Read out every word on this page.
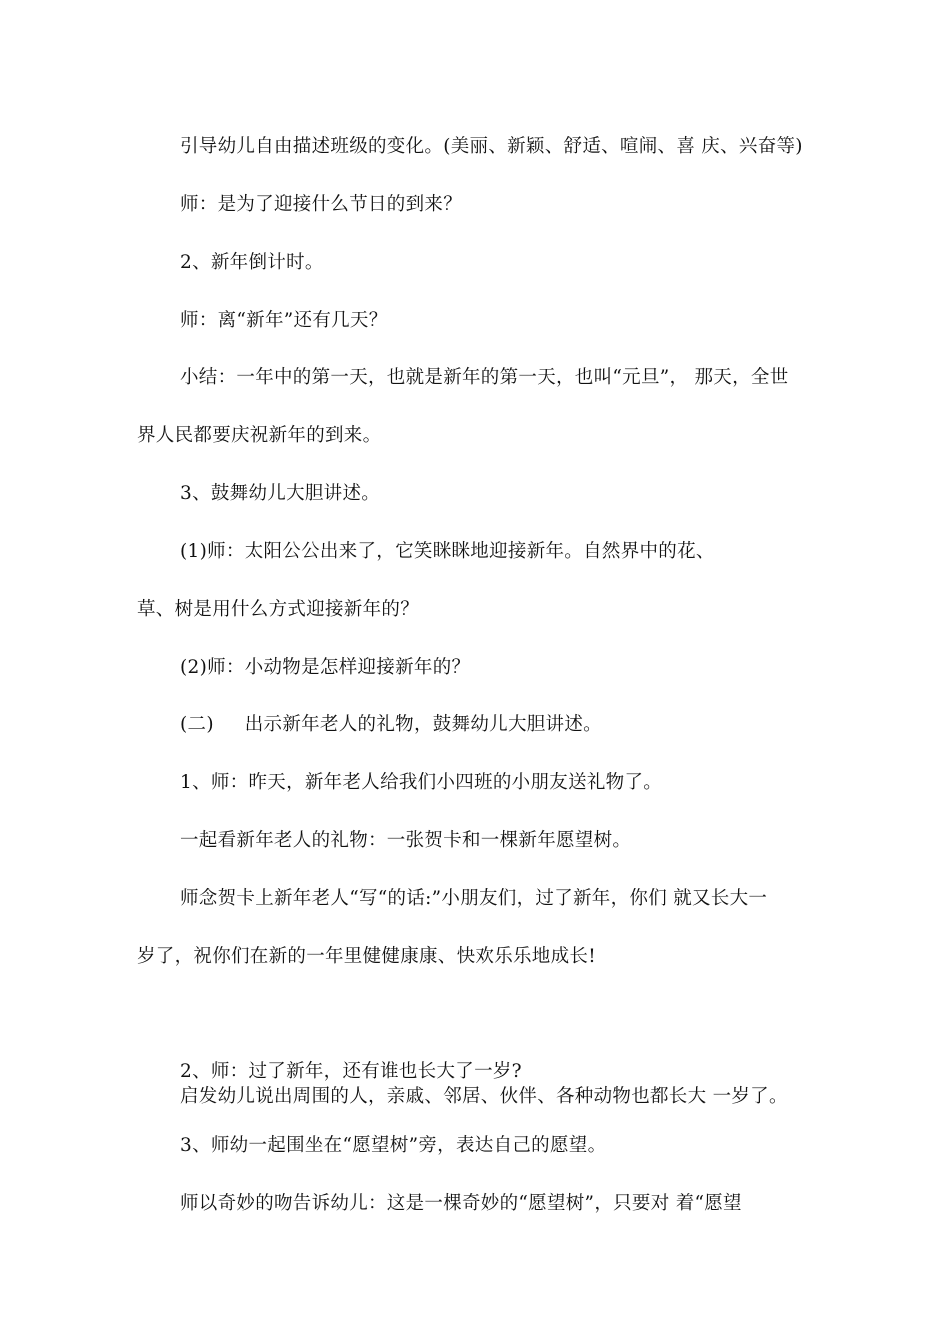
引导幼儿自由描述班级的变化。(美丽、新颖、舒适、喧闹、喜 庆、兴奋等)
师：是为了迎接什么节日的到来？
2、新年倒计时。
师：离“新年”还有几天？
小结：一年中的第一天，也就是新年的第一天，也叫“元旦”， 那天，全世
界人民都要庆祝新年的到来。
3、鼓舞幼儿大胆讲述。
(1)师：太阳公公出来了，它笑眯眯地迎接新年。自然界中的花、
草、树是用什么方式迎接新年的？
(2)师：小动物是怎样迎接新年的？
(二)     出示新年老人的礼物，鼓舞幼儿大胆讲述。
1、师：昨天，新年老人给我们小四班的小朋友送礼物了。
一起看新年老人的礼物：一张贺卡和一棵新年愿望树。
师念贺卡上新年老人“写“的话:”小朋友们，过了新年，你们 就又长大一
岁了，祝你们在新的一年里健健康康、快欢乐乐地成长!
2、师：过了新年，还有谁也长大了一岁?
启发幼儿说出周围的人，亲戚、邻居、伙伴、各种动物也都长大 一岁了。
3、师幼一起围坐在“愿望树”旁，表达自己的愿望。
师以奇妙的吻告诉幼儿：这是一棵奇妙的“愿望树”，只要对 着“愿望
